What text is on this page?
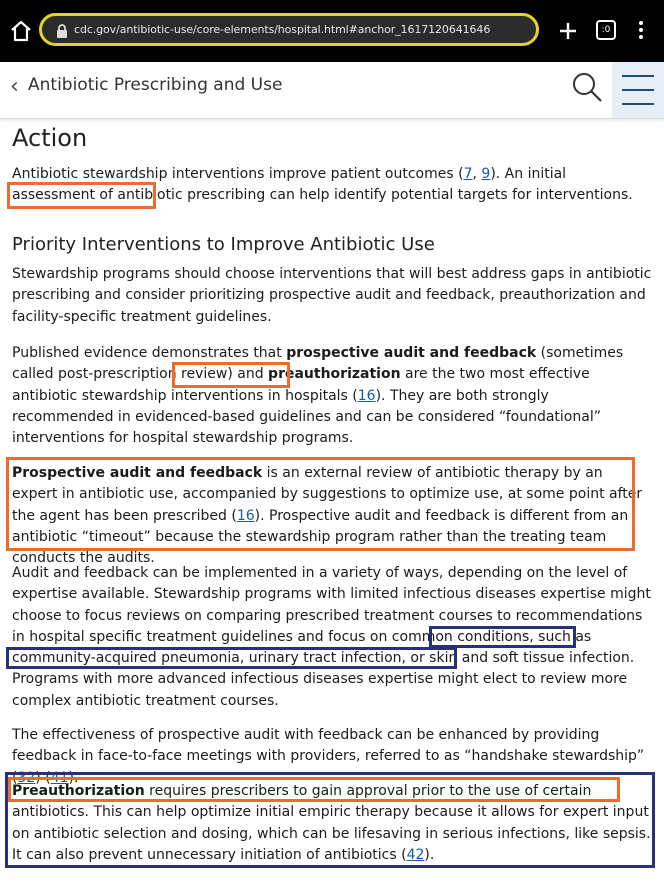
cdc.gov/antibiotic-use/core-elements/hospital.html#anchor_1617120641646	:0
‹ Antibiotic Prescribing and Use
Action

Antibiotic stewardship interventions improve patient outcomes (7, 9). An initial assessment of antibiotic prescribing can help identify potential targets for interventions.

Priority Interventions to Improve Antibiotic Use

Stewardship programs should choose interventions that will best address gaps in antibiotic prescribing and consider prioritizing prospective audit and feedback, preauthorization and facility-specific treatment guidelines.

Published evidence demonstrates that prospective audit and feedback (sometimes called post-prescription review) and preauthorization are the two most effective antibiotic stewardship interventions in hospitals (16). They are both strongly recommended in evidenced-based guidelines and can be considered “foundational” interventions for hospital stewardship programs.

Prospective audit and feedback is an external review of antibiotic therapy by an expert in antibiotic use, accompanied by suggestions to optimize use, at some point after the agent has been prescribed (16). Prospective audit and feedback is different from an antibiotic “timeout” because the stewardship program rather than the treating team conducts the audits.

Audit and feedback can be implemented in a variety of ways, depending on the level of expertise available. Stewardship programs with limited infectious diseases expertise might choose to focus reviews on comparing prescribed treatment courses to recommendations in hospital specific treatment guidelines and focus on common conditions, such as community-acquired pneumonia, urinary tract infection, or skin and soft tissue infection. Programs with more advanced infectious diseases expertise might elect to review more complex antibiotic treatment courses.

The effectiveness of prospective audit with feedback can be enhanced by providing feedback in face-to-face meetings with providers, referred to as “handshake stewardship” (32) (41).

Preauthorization requires prescribers to gain approval prior to the use of certain antibiotics. This can help optimize initial empiric therapy because it allows for expert input on antibiotic selection and dosing, which can be lifesaving in serious infections, like sepsis. It can also prevent unnecessary initiation of antibiotics (42).
